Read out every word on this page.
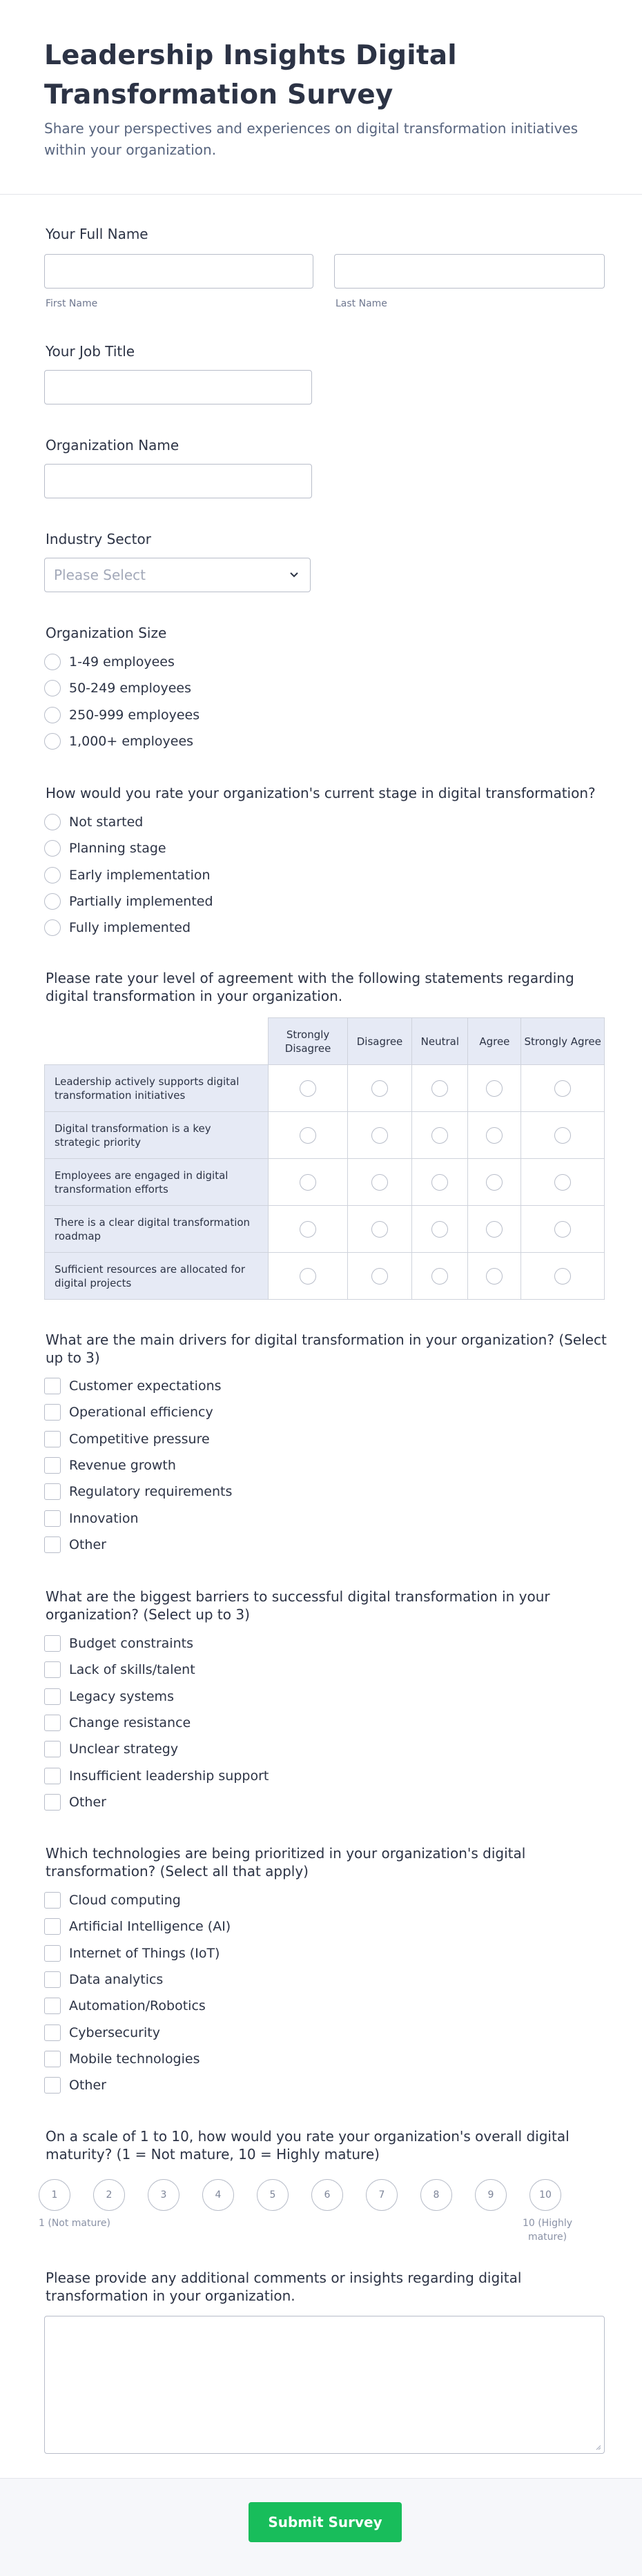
Leadership Insights Digital Transformation Survey
Share your perspectives and experiences on digital transformation initiatives within your organization.
Your Full Name
First Name	Last Name
Your Job Title
Organization Name
Industry Sector
Please Select
Organization Size
1-49 employees
50-249 employees
250-999 employees
1,000+ employees
How would you rate your organization's current stage in digital transformation?
Not started
Planning stage
Early implementation
Partially implemented
Fully implemented
Please rate your level of agreement with the following statements regarding digital transformation in your organization.
	Strongly Disagree	Disagree	Neutral	Agree	Strongly Agree
Leadership actively supports digital transformation initiatives					
Digital transformation is a key strategic priority					
Employees are engaged in digital transformation efforts					
There is a clear digital transformation roadmap					
Sufficient resources are allocated for digital projects					
What are the main drivers for digital transformation in your organization? (Select up to 3)
Customer expectations
Operational efficiency
Competitive pressure
Revenue growth
Regulatory requirements
Innovation
Other
What are the biggest barriers to successful digital transformation in your organization? (Select up to 3)
Budget constraints
Lack of skills/talent
Legacy systems
Change resistance
Unclear strategy
Insufficient leadership support
Other
Which technologies are being prioritized in your organization's digital transformation? (Select all that apply)
Cloud computing
Artificial Intelligence (AI)
Internet of Things (IoT)
Data analytics
Automation/Robotics
Cybersecurity
Mobile technologies
Other
On a scale of 1 to 10, how would you rate your organization's overall digital maturity? (1 = Not mature, 10 = Highly mature)
1	2	3	4	5	6	7	8	9	10
1 (Not mature)	10 (Highly mature)
Please provide any additional comments or insights regarding digital transformation in your organization.
Submit Survey
